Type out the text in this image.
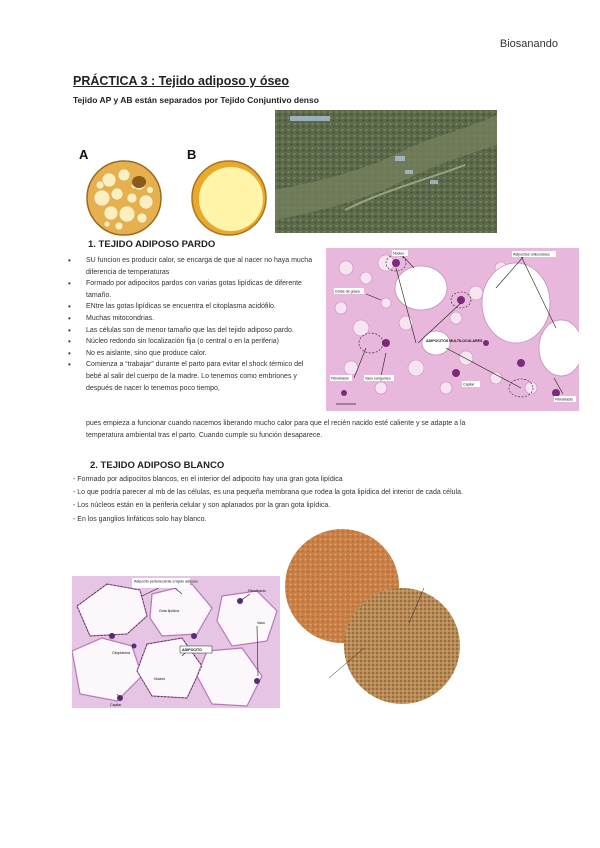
Biosanando
PRÁCTICA 3 : Tejido adiposo y óseo
Tejido AP y AB están separados por Tejido Conjuntivo denso
A	B
1. TEJIDO ADIPOSO PARDO
• SU funcion es producir calor, se encarga de que al nacer no haya mucha diferencia de temperaturas
• Formado por adipocitos pardos con varias gotas lipídicas de diferente tamaño.
• ENtre las gotas lipídicas se encuentra el citoplasma acidófilo.
• Muchas mitocondrias.
• Las células son de menor tamaño que las del tejido adiposo pardo.
• Núcleo redondo sin localización fija (o central o en la periferia)
• No es aislante, sino que produce calor.
• Comienza a “trabajar” durante el parto para evitar el shock térmico del bebé al salir del cuerpo de la madre. Lo tenemos como embriones y después de nacer lo tenemos poco tiempo,
pues empieza a funcionar cuando nacemos liberando mucho calor para que el recién nacido esté caliente y se adapte a la
temperatura ambiental tras el parto. Cuando cumple su función desaparece.
Núcleo
Gotas de grasa
Adipocitos uniloculares
ADIPOCITOS MULTILOCULARES
Fibroblasto	Vaso sanguíneo
Capilar
Fibroblasto
2. TEJIDO ADIPOSO BLANCO

- Formado por adipocitos blancos, en el interior del adipocito hay una gran gota lipídica

- Lo que podría parecer al mb de las células, es una pequeña membrana que rodea la gota lipídica del interior de cada célula.

- Los núcleos están en la periferia celular y son aplanados por la gran gota lipídica.

- En los ganglios linfáticos solo hay blanco.

Adipocito perteneciente a tejido adiposo
ADIPOCITO
Gota lipídica
Citoplasma
Núcleo
Capilar
Fibroblasto
Vaso
